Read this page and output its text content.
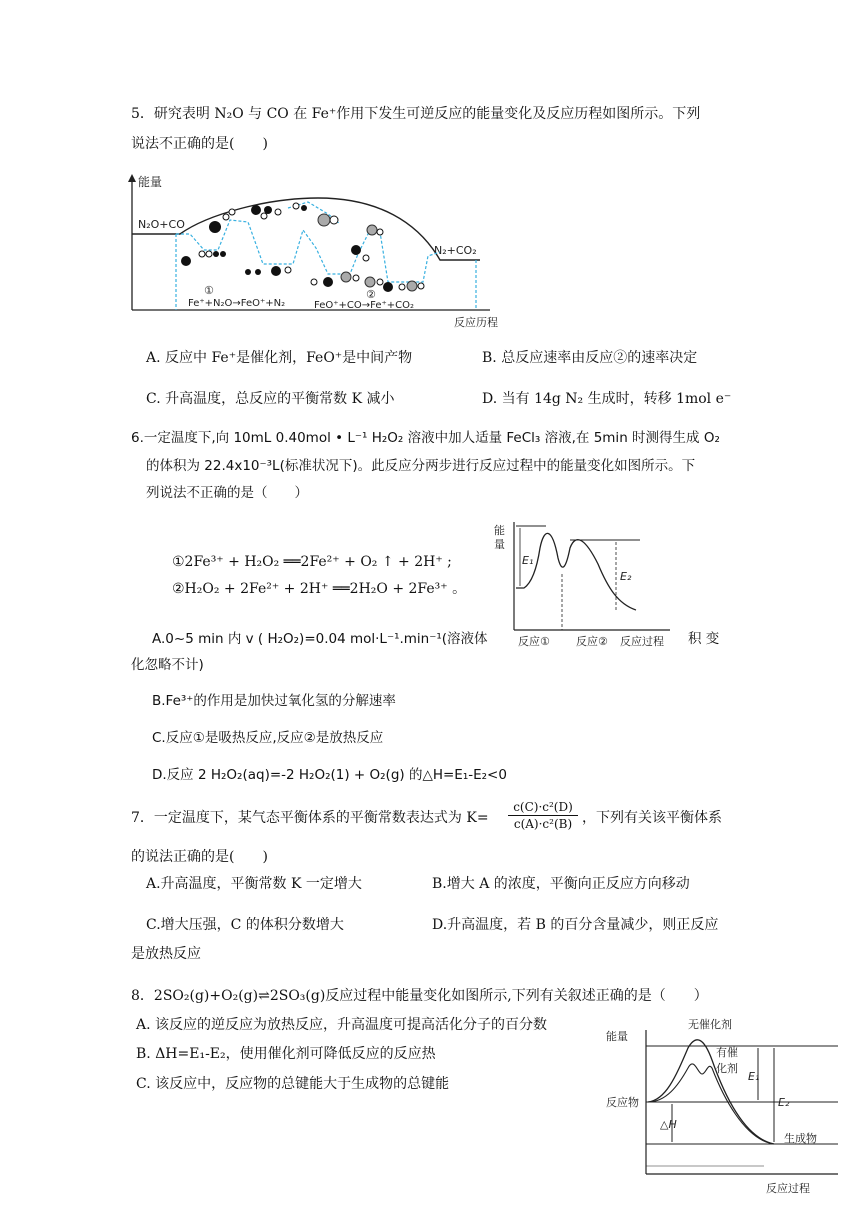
5．研究表明 N₂O 与 CO 在 Fe⁺作用下发生可逆反应的能量变化及反应历程如图所示。下列
说法不正确的是(　　)
能量
反应历程
N₂O+CO
N₂+CO₂
①
Fe⁺+N₂O→FeO⁺+N₂
②
FeO⁺+CO→Fe⁺+CO₂
A. 反应中 Fe⁺是催化剂，FeO⁺是中间产物	B. 总反应速率由反应②的速率决定
C. 升高温度，总反应的平衡常数 K 减小	D. 当有 14g N₂ 生成时，转移 1mol e⁻
6.一定温度下,向 10mL 0.40mol • L⁻¹ H₂O₂ 溶液中加人适量 FeCl₃ 溶液,在 5min 时测得生成 O₂
的体积为 22.4x10⁻³L(标准状况下)。此反应分两步进行反应过程中的能量变化如图所示。下
列说法不正确的是（　　）
①2Fe³⁺ + H₂O₂ ══2Fe²⁺ + O₂ ↑ + 2H⁺ ;
②H₂O₂ + 2Fe²⁺ + 2H⁺ ══2H₂O + 2Fe³⁺ 。
能
量
E₁
E₂
反应① 反应② 反应过程
A.0~5 min 内 v ( H₂O₂)=0.04 mol·L⁻¹.min⁻¹(溶液体	积 变
化忽略不计)
B.Fe³⁺的作用是加快过氧化氢的分解速率
C.反应①是吸热反应,反应②是放热反应
D.反应 2 H₂O₂(aq)=-2 H₂O₂(1) + O₂(g) 的△H=E₁-E₂<0
7．一定温度下，某气态平衡体系的平衡常数表达式为 $K= \frac{\text{c(C)·c²(D)}}{\text{c(A)·c²(B)}}$ ，下列有关该平衡体系
的说法正确的是(　　)
A.升高温度，平衡常数 K 一定增大	B.增大 A 的浓度，平衡向正反应方向移动
C.增大压强，C 的体积分数增大	D.升高温度，若 B 的百分含量减少，则正反应
是放热反应
8．2SO₂(g)+O₂(g)⇌2SO₃(g)反应过程中能量变化如图所示,下列有关叙述正确的是（　　）
A. 该反应的逆反应为放热反应，升高温度可提高活化分子的百分数
B. ΔH=E₁-E₂，使用催化剂可降低反应的反应热
C. 该反应中，反应物的总键能大于生成物的总键能
能量
无催化剂
有催
化剂
E₁
E₂
反应物
△H
生成物
反应过程
